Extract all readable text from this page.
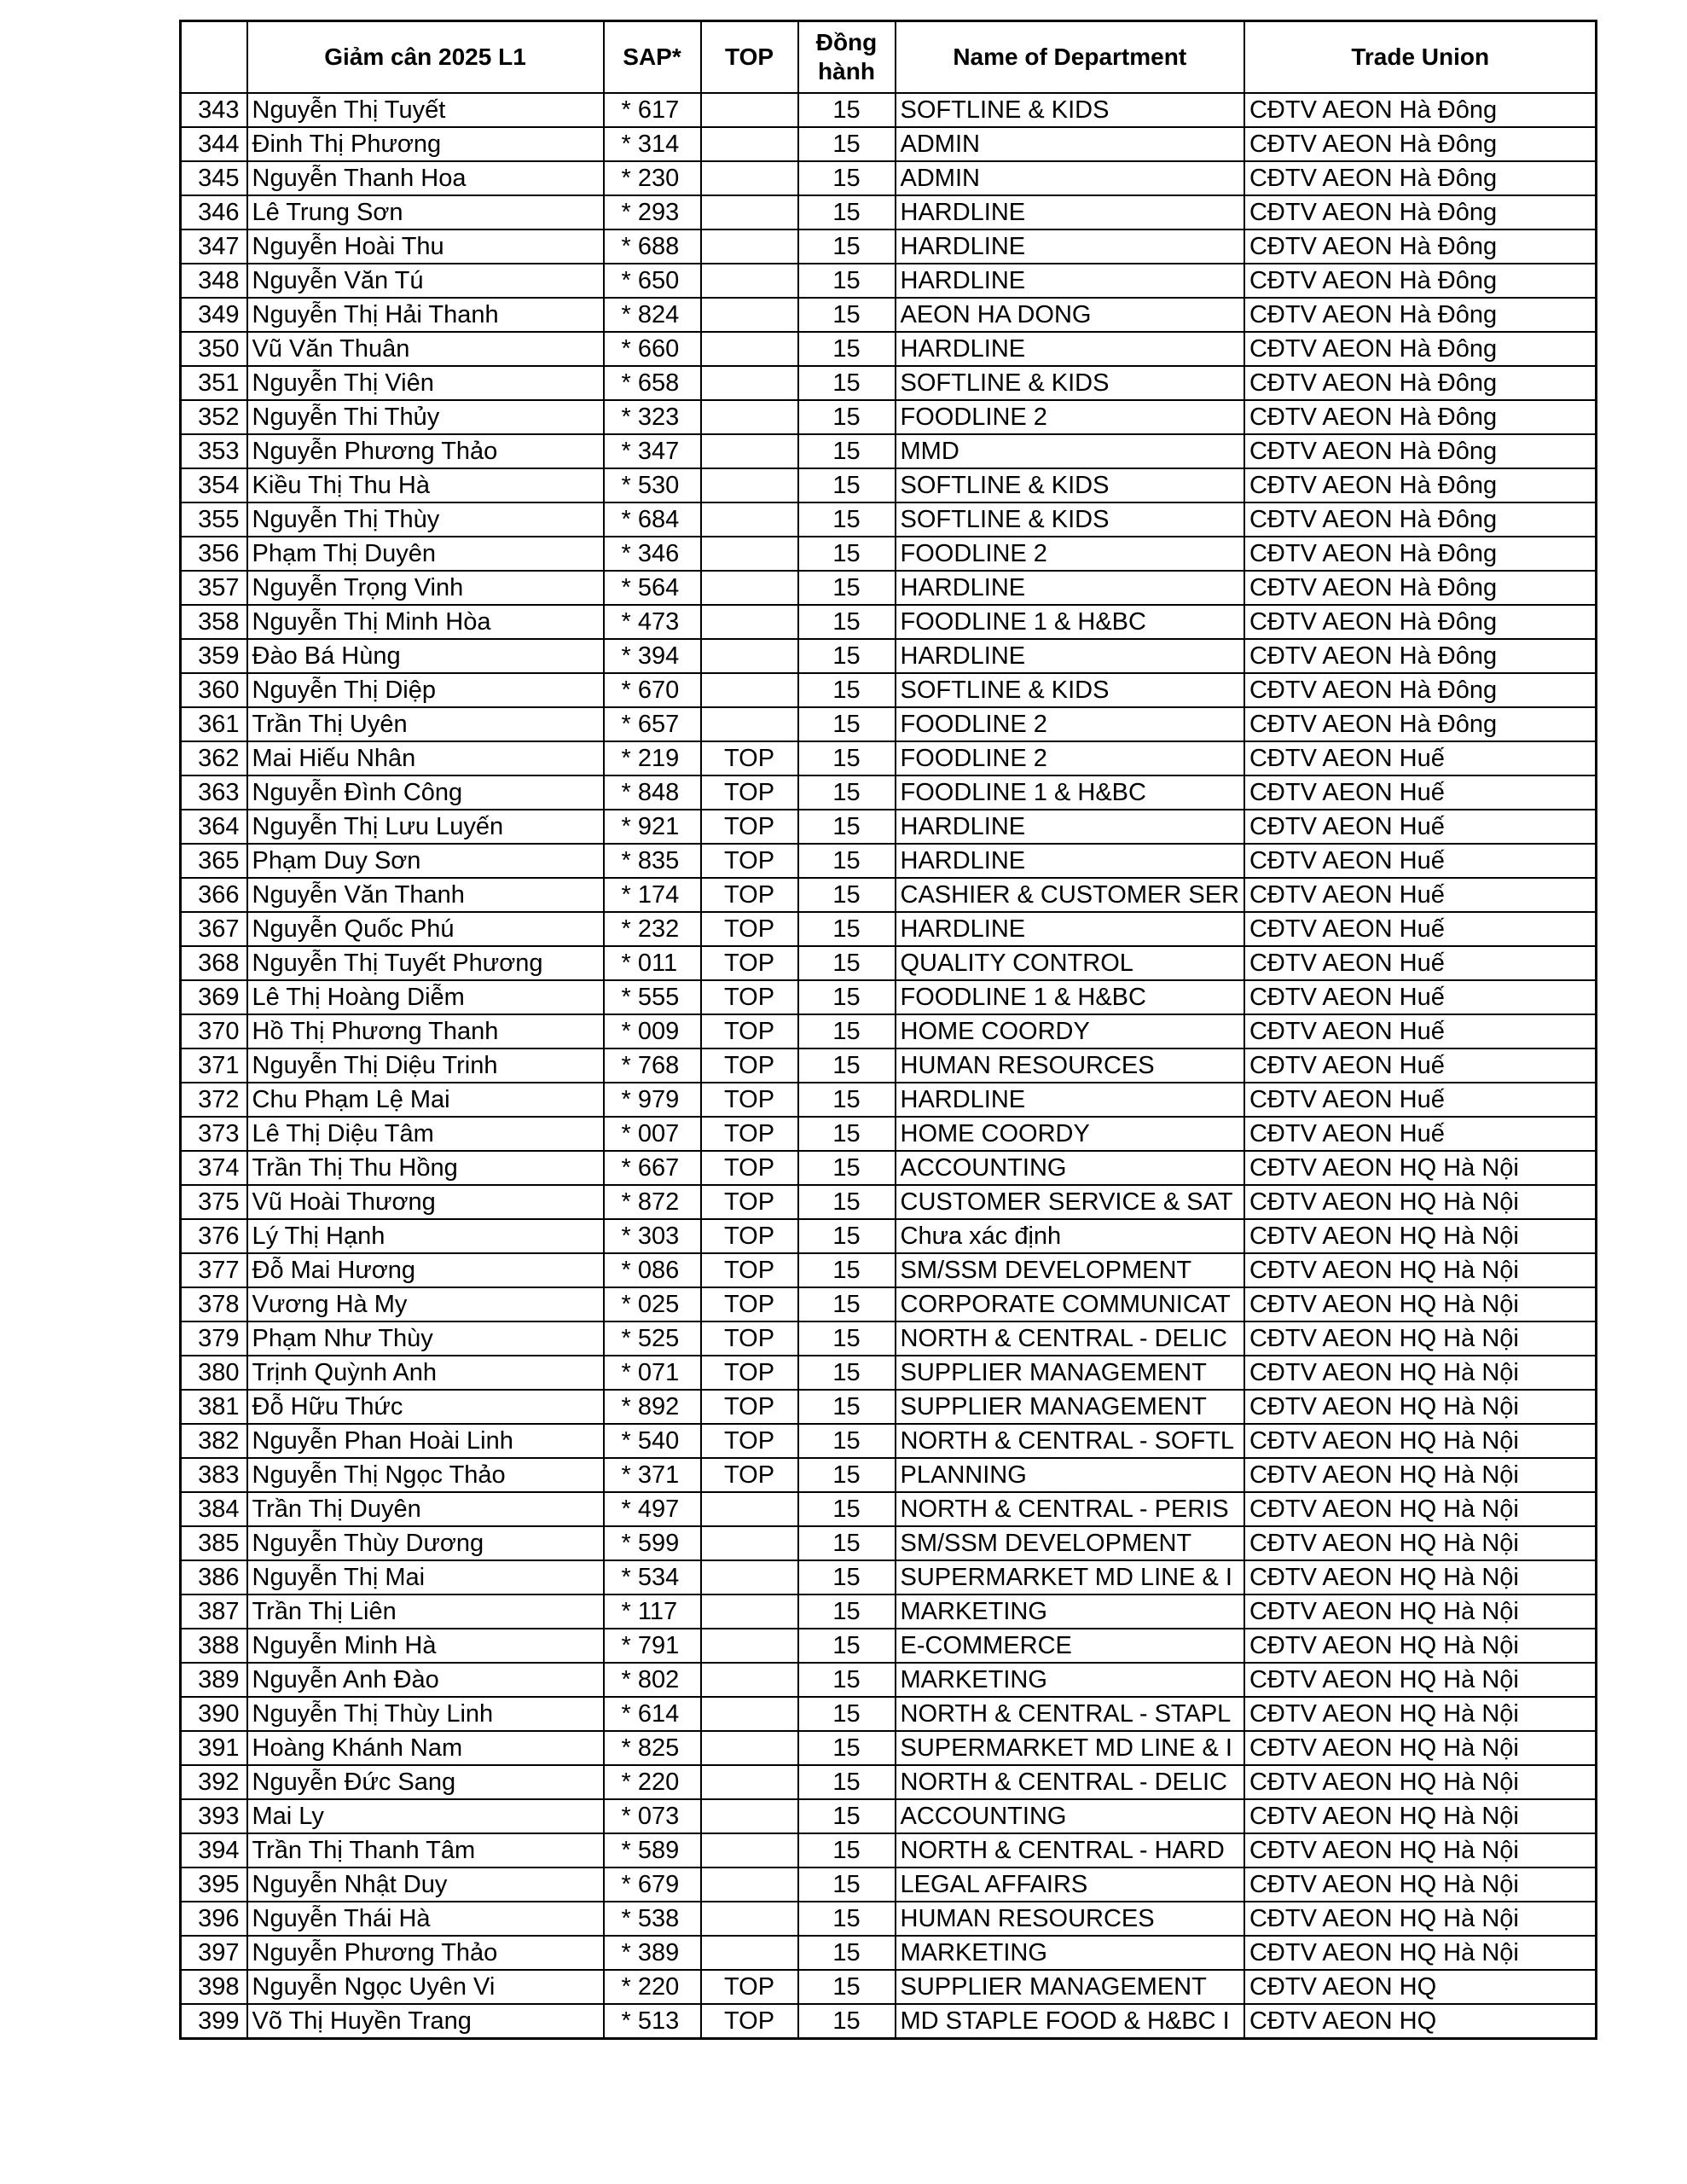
	Giảm cân 2025 L1	SAP*	TOP	Đồng hành	Name of Department	Trade Union
343	Nguyễn Thị Tuyết	* 617		15	SOFTLINE & KIDS	CĐTV AEON Hà Đông
344	Đinh Thị Phương	* 314		15	ADMIN	CĐTV AEON Hà Đông
345	Nguyễn Thanh Hoa	* 230		15	ADMIN	CĐTV AEON Hà Đông
346	Lê Trung Sơn	* 293		15	HARDLINE	CĐTV AEON Hà Đông
347	Nguyễn Hoài Thu	* 688		15	HARDLINE	CĐTV AEON Hà Đông
348	Nguyễn Văn Tú	* 650		15	HARDLINE	CĐTV AEON Hà Đông
349	Nguyễn Thị Hải Thanh	* 824		15	AEON HA DONG	CĐTV AEON Hà Đông
350	Vũ Văn Thuân	* 660		15	HARDLINE	CĐTV AEON Hà Đông
351	Nguyễn Thị Viên	* 658		15	SOFTLINE & KIDS	CĐTV AEON Hà Đông
352	Nguyễn Thi Thủy	* 323		15	FOODLINE 2	CĐTV AEON Hà Đông
353	Nguyễn Phương Thảo	* 347		15	MMD	CĐTV AEON Hà Đông
354	Kiều Thị Thu Hà	* 530		15	SOFTLINE & KIDS	CĐTV AEON Hà Đông
355	Nguyễn Thị Thùy	* 684		15	SOFTLINE & KIDS	CĐTV AEON Hà Đông
356	Phạm Thị Duyên	* 346		15	FOODLINE 2	CĐTV AEON Hà Đông
357	Nguyễn Trọng Vinh	* 564		15	HARDLINE	CĐTV AEON Hà Đông
358	Nguyễn Thị Minh Hòa	* 473		15	FOODLINE 1 & H&BC	CĐTV AEON Hà Đông
359	Đào Bá Hùng	* 394		15	HARDLINE	CĐTV AEON Hà Đông
360	Nguyễn Thị Diệp	* 670		15	SOFTLINE & KIDS	CĐTV AEON Hà Đông
361	Trần Thị Uyên	* 657		15	FOODLINE 2	CĐTV AEON Hà Đông
362	Mai Hiếu Nhân	* 219	TOP	15	FOODLINE 2	CĐTV AEON Huế
363	Nguyễn Đình Công	* 848	TOP	15	FOODLINE 1 & H&BC	CĐTV AEON Huế
364	Nguyễn Thị Lưu Luyến	* 921	TOP	15	HARDLINE	CĐTV AEON Huế
365	Phạm Duy Sơn	* 835	TOP	15	HARDLINE	CĐTV AEON Huế
366	Nguyễn Văn Thanh	* 174	TOP	15	CASHIER & CUSTOMER SER	CĐTV AEON Huế
367	Nguyễn Quốc Phú	* 232	TOP	15	HARDLINE	CĐTV AEON Huế
368	Nguyễn Thị Tuyết Phương	* 011	TOP	15	QUALITY CONTROL	CĐTV AEON Huế
369	Lê Thị Hoàng Diễm	* 555	TOP	15	FOODLINE 1 & H&BC	CĐTV AEON Huế
370	Hồ Thị Phương Thanh	* 009	TOP	15	HOME COORDY	CĐTV AEON Huế
371	Nguyễn Thị Diệu Trinh	* 768	TOP	15	HUMAN RESOURCES	CĐTV AEON Huế
372	Chu Phạm Lệ Mai	* 979	TOP	15	HARDLINE	CĐTV AEON Huế
373	Lê Thị Diệu Tâm	* 007	TOP	15	HOME COORDY	CĐTV AEON Huế
374	Trần Thị Thu Hồng	* 667	TOP	15	ACCOUNTING	CĐTV AEON HQ Hà Nội
375	Vũ Hoài Thương	* 872	TOP	15	CUSTOMER SERVICE & SAT	CĐTV AEON HQ Hà Nội
376	Lý Thị Hạnh	* 303	TOP	15	Chưa xác định	CĐTV AEON HQ Hà Nội
377	Đỗ Mai Hương	* 086	TOP	15	SM/SSM DEVELOPMENT	CĐTV AEON HQ Hà Nội
378	Vương Hà My	* 025	TOP	15	CORPORATE COMMUNICAT	CĐTV AEON HQ Hà Nội
379	Phạm Như Thùy	* 525	TOP	15	NORTH & CENTRAL - DELIC	CĐTV AEON HQ Hà Nội
380	Trịnh Quỳnh Anh	* 071	TOP	15	SUPPLIER MANAGEMENT	CĐTV AEON HQ Hà Nội
381	Đỗ Hữu Thức	* 892	TOP	15	SUPPLIER MANAGEMENT	CĐTV AEON HQ Hà Nội
382	Nguyễn Phan Hoài Linh	* 540	TOP	15	NORTH & CENTRAL - SOFTL	CĐTV AEON HQ Hà Nội
383	Nguyễn Thị Ngọc Thảo	* 371	TOP	15	PLANNING	CĐTV AEON HQ Hà Nội
384	Trần Thị Duyên	* 497		15	NORTH & CENTRAL - PERIS	CĐTV AEON HQ Hà Nội
385	Nguyễn Thùy Dương	* 599		15	SM/SSM DEVELOPMENT	CĐTV AEON HQ Hà Nội
386	Nguyễn Thị Mai	* 534		15	SUPERMARKET MD LINE & I	CĐTV AEON HQ Hà Nội
387	Trần Thị Liên	* 117		15	MARKETING	CĐTV AEON HQ Hà Nội
388	Nguyễn Minh Hà	* 791		15	E-COMMERCE	CĐTV AEON HQ Hà Nội
389	Nguyễn Anh Đào	* 802		15	MARKETING	CĐTV AEON HQ Hà Nội
390	Nguyễn Thị Thùy Linh	* 614		15	NORTH & CENTRAL - STAPL	CĐTV AEON HQ Hà Nội
391	Hoàng Khánh Nam	* 825		15	SUPERMARKET MD LINE & I	CĐTV AEON HQ Hà Nội
392	Nguyễn Đức Sang	* 220		15	NORTH & CENTRAL - DELIC	CĐTV AEON HQ Hà Nội
393	Mai Ly	* 073		15	ACCOUNTING	CĐTV AEON HQ Hà Nội
394	Trần Thị Thanh Tâm	* 589		15	NORTH & CENTRAL - HARD	CĐTV AEON HQ Hà Nội
395	Nguyễn Nhật Duy	* 679		15	LEGAL AFFAIRS	CĐTV AEON HQ Hà Nội
396	Nguyễn Thái Hà	* 538		15	HUMAN RESOURCES	CĐTV AEON HQ Hà Nội
397	Nguyễn Phương Thảo	* 389		15	MARKETING	CĐTV AEON HQ Hà Nội
398	Nguyễn Ngọc Uyên Vi	* 220	TOP	15	SUPPLIER MANAGEMENT	CĐTV AEON HQ
399	Võ Thị Huyền Trang	* 513	TOP	15	MD STAPLE FOOD & H&BC I	CĐTV AEON HQ
